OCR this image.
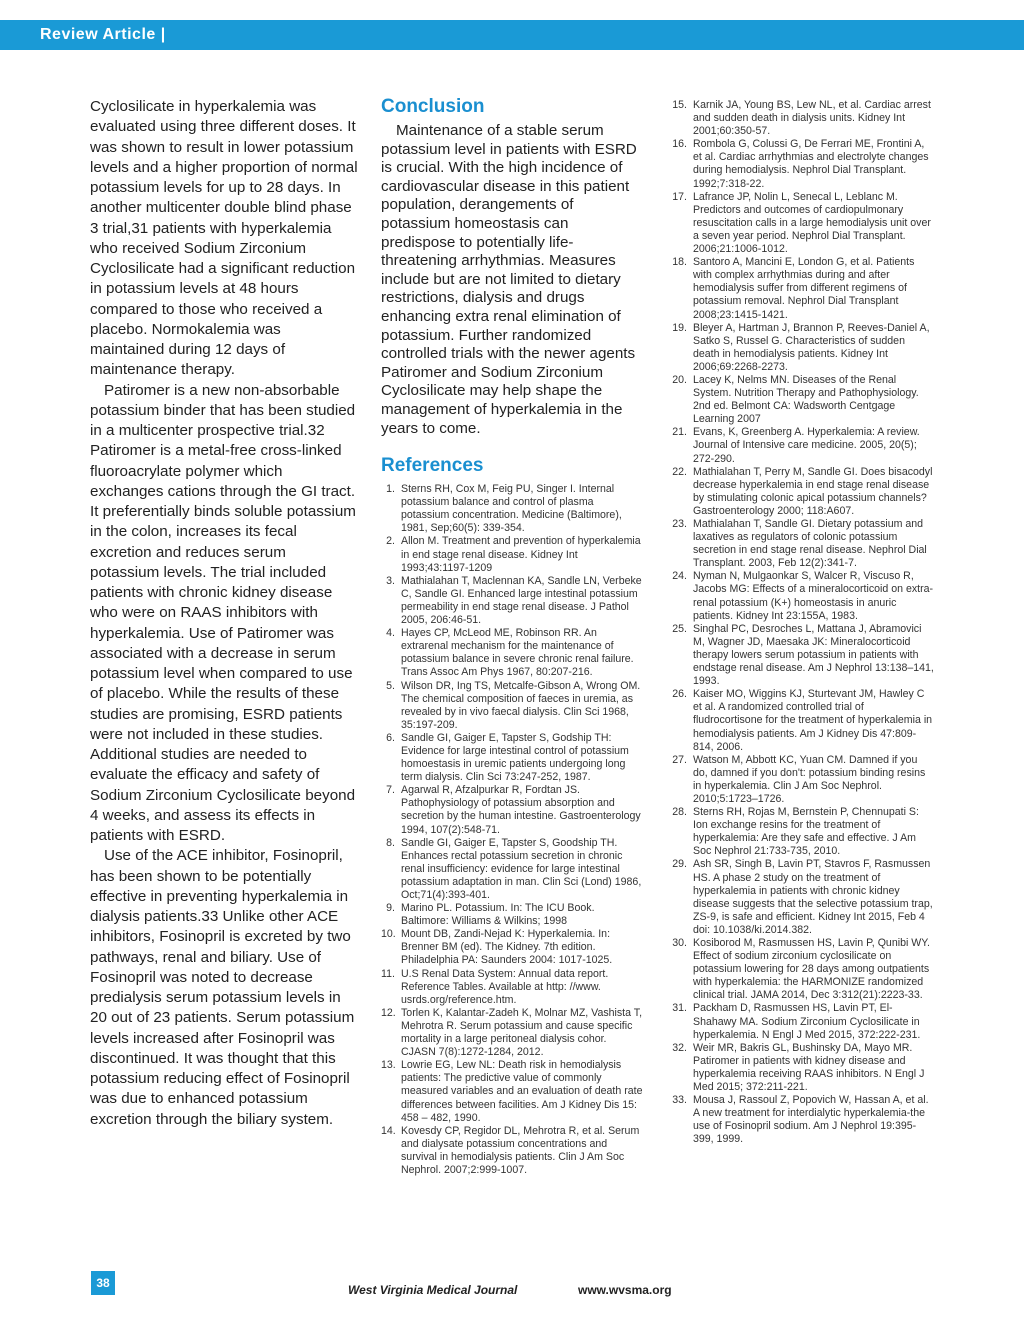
Review Article |

Cyclosilicate in hyperkalemia was evaluated using three different doses. It was shown to result in lower potassium levels and a higher proportion of normal potassium levels for up to 28 days. In another multicenter double blind phase 3 trial,31 patients with hyperkalemia who received Sodium Zirconium Cyclosilicate had a significant reduction in potassium levels at 48 hours compared to those who received a placebo. Normokalemia was maintained during 12 days of maintenance therapy.

Patiromer is a new non-absorbable potassium binder that has been studied in a multicenter prospective trial.32 Patiromer is a metal-free cross-linked fluoroacrylate polymer which exchanges cations through the GI tract. It preferentially binds soluble potassium in the colon, increases its fecal excretion and reduces serum potassium levels. The trial included patients with chronic kidney disease who were on RAAS inhibitors with hyperkalemia. Use of Patiromer was associated with a decrease in serum potassium level when compared to use of placebo. While the results of these studies are promising, ESRD patients were not included in these studies. Additional studies are needed to evaluate the efficacy and safety of Sodium Zirconium Cyclosilicate beyond 4 weeks, and assess its effects in patients with ESRD.

Use of the ACE inhibitor, Fosinopril, has been shown to be potentially effective in preventing hyperkalemia in dialysis patients.33 Unlike other ACE inhibitors, Fosinopril is excreted by two pathways, renal and biliary. Use of Fosinopril was noted to decrease predialysis serum potassium levels in 20 out of 23 patients. Serum potassium levels increased after Fosinopril was discontinued. It was thought that this potassium reducing effect of Fosinopril was due to enhanced potassium excretion through the biliary system.

Conclusion

Maintenance of a stable serum potassium level in patients with ESRD is crucial. With the high incidence of cardiovascular disease in this patient population, derangements of potassium homeostasis can predispose to potentially life-threatening arrhythmias. Measures include but are not limited to dietary restrictions, dialysis and drugs enhancing extra renal elimination of potassium. Further randomized controlled trials with the newer agents Patiromer and Sodium Zirconium Cyclosilicate may help shape the management of hyperkalemia in the years to come.

References
1. Sterns RH, Cox M, Feig PU, Singer I. Internal potassium balance and control of plasma potassium concentration. Medicine (Baltimore), 1981, Sep;60(5): 339-354.
2. Allon M. Treatment and prevention of hyperkalemia in end stage renal disease. Kidney Int 1993;43:1197-1209
3. Mathialahan T, Maclennan KA, Sandle LN, Verbeke C, Sandle GI. Enhanced large intestinal potassium permeability in end stage renal disease. J Pathol 2005, 206:46-51.
4. Hayes CP, McLeod ME, Robinson RR. An extrarenal mechanism for the maintenance of potassium balance in severe chronic renal failure. Trans Assoc Am Phys 1967, 80:207-216.
5. Wilson DR, Ing TS, Metcalfe-Gibson A, Wrong OM. The chemical composition of faeces in uremia, as revealed by in vivo faecal dialysis. Clin Sci 1968, 35:197-209.
6. Sandle GI, Gaiger E, Tapster S, Godship TH: Evidence for large intestinal control of potassium homoestasis in uremic patients undergoing long term dialysis. Clin Sci 73:247-252, 1987.
7. Agarwal R, Afzalpurkar R, Fordtan JS. Pathophysiology of potassium absorption and secretion by the human intestine. Gastroenterology 1994, 107(2):548-71.
8. Sandle GI, Gaiger E, Tapster S, Goodship TH. Enhances rectal potassium secretion in chronic renal insufficiency: evidence for large intestinal potassium adaptation in man. Clin Sci (Lond) 1986, Oct;71(4):393-401.
9. Marino PL. Potassium. In: The ICU Book. Baltimore: Williams & Wilkins; 1998
10. Mount DB, Zandi-Nejad K: Hyperkalemia. In: Brenner BM (ed). The Kidney. 7th edition. Philadelphia PA: Saunders 2004: 1017-1025.
11. U.S Renal Data System: Annual data report. Reference Tables. Available at http: //www. usrds.org/reference.htm.
12. Torlen K, Kalantar-Zadeh K, Molnar MZ, Vashista T, Mehrotra R. Serum potassium and cause specific mortality in a large peritoneal dialysis cohor. CJASN 7(8):1272-1284, 2012.
13. Lowrie EG, Lew NL: Death risk in hemodialysis patients: The predictive value of commonly measured variables and an evaluation of death rate differences between facilities. Am J Kidney Dis 15: 458 – 482, 1990.
14. Kovesdy CP, Regidor DL, Mehrotra R, et al. Serum and dialysate potassium concentrations and survival in hemodialysis patients. Clin J Am Soc Nephrol. 2007;2:999-1007.
15. Karnik JA, Young BS, Lew NL, et al. Cardiac arrest and sudden death in dialysis units. Kidney Int 2001;60:350-57.
16. Rombola G, Colussi G, De Ferrari ME, Frontini A, et al. Cardiac arrhythmias and electrolyte changes during hemodialysis. Nephrol Dial Transplant. 1992;7:318-22.
17. Lafrance JP, Nolin L, Senecal L, Leblanc M. Predictors and outcomes of cardiopulmonary resuscitation calls in a large hemodialysis unit over a seven year period. Nephrol Dial Transplant. 2006;21:1006-1012.
18. Santoro A, Mancini E, London G, et al. Patients with complex arrhythmias during and after hemodialysis suffer from different regimens of potassium removal. Nephrol Dial Transplant 2008;23:1415-1421.
19. Bleyer A, Hartman J, Brannon P, Reeves-Daniel A, Satko S, Russel G. Characteristics of sudden death in hemodialysis patients. Kidney Int 2006;69:2268-2273.
20. Lacey K, Nelms MN. Diseases of the Renal System. Nutrition Therapy and Pathophysiology. 2nd ed. Belmont CA: Wadsworth Centgage Learning 2007
21. Evans, K, Greenberg A. Hyperkalemia: A review. Journal of Intensive care medicine. 2005, 20(5); 272-290.
22. Mathialahan T, Perry M, Sandle GI. Does bisacodyl decrease hyperkalemia in end stage renal disease by stimulating colonic apical potassium channels? Gastroenterology 2000; 118:A607.
23. Mathialahan T, Sandle GI. Dietary potassium and laxatives as regulators of colonic potassium secretion in end stage renal disease. Nephrol Dial Transplant. 2003, Feb 12(2):341-7.
24. Nyman N, Mulgaonkar S, Walcer R, Viscuso R, Jacobs MG: Effects of a mineralocorticoid on extra-renal potassium (K+) homeostasis in anuric patients. Kidney Int 23:155A, 1983.
25. Singhal PC, Desroches L, Mattana J, Abramovici M, Wagner JD, Maesaka JK: Mineralocorticoid therapy lowers serum potassium in patients with endstage renal disease. Am J Nephrol 13:138–141, 1993.
26. Kaiser MO, Wiggins KJ, Sturtevant JM, Hawley C et al. A randomized controlled trial of fludrocortisone for the treatment of hyperkalemia in hemodialysis patients. Am J Kidney Dis 47:809-814, 2006.
27. Watson M, Abbott KC, Yuan CM. Damned if you do, damned if you don't: potassium binding resins in hyperkalemia. Clin J Am Soc Nephrol. 2010;5:1723–1726.
28. Sterns RH, Rojas M, Bernstein P, Chennupati S: Ion exchange resins for the treatment of hyperkalemia: Are they safe and effective. J Am Soc Nephrol 21:733-735, 2010.
29. Ash SR, Singh B, Lavin PT, Stavros F, Rasmussen HS. A phase 2 study on the treatment of hyperkalemia in patients with chronic kidney disease suggests that the selective potassium trap, ZS-9, is safe and efficient. Kidney Int 2015, Feb 4 doi: 10.1038/ki.2014.382.
30. Kosiborod M, Rasmussen HS, Lavin P, Qunibi WY. Effect of sodium zirconium cyclosilicate on potassium lowering for 28 days among outpatients with hyperkalemia: the HARMONIZE randomized clinical trial. JAMA 2014, Dec 3:312(21):2223-33.
31. Packham D, Rasmussen HS, Lavin PT, El-Shahawy MA. Sodium Zirconium Cyclosilicate in hyperkalemia. N Engl J Med 2015, 372:222-231.
32. Weir MR, Bakris GL, Bushinsky DA, Mayo MR. Patiromer in patients with kidney disease and hyperkalemia receiving RAAS inhibitors. N Engl J Med 2015; 372:211-221.
33. Mousa J, Rassoul Z, Popovich W, Hassan A, et al. A new treatment for interdialytic hyperkalemia-the use of Fosinopril sodium. Am J Nephrol 19:395-399, 1999.
38	West Virginia Medical Journal	www.wvsma.org
